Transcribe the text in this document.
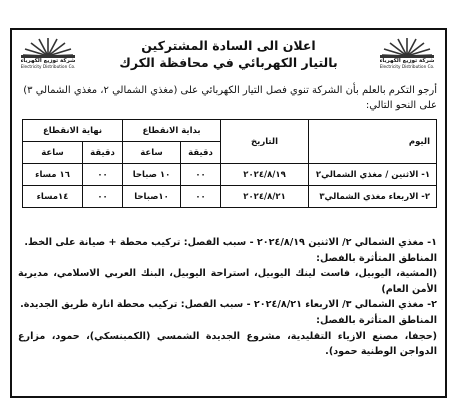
شركة توزيع الكهرباء
Electricity Distribution Co.
شركة توزيع الكهرباء
Electricity Distribution Co.
اعلان الى السادة المشتركين
بالتيار الكهربائي في محافظة الكرك
أرجو التكرم بالعلم بأن الشركة تنوي فصل التيار الكهربائي على (مغذي الشمالي ٢، مغذي الشمالي ٣) على النحو التالي:
اليوم	التاريخ	بداية الانقطاع		نهاية الانقطاع	
		دقيقة	ساعة	دقيقة	ساعة
١- الاثنين / مغذي الشمالي٢	٢٠٢٤/٨/١٩	٠٠	١٠ صباحا	٠٠	١٦ مساء
٢- الاربعاء مغذي الشمالي٣	٢٠٢٤/٨/٢١	٠٠	١٠صباحا	٠٠	١٤مساء

١- مغذي الشمالي ٢/ الاثنين ٢٠٢٤/٨/١٩ - سبب الفصل: تركيب محطة + صيانة على الخط.

المناطق المتأثرة بالفصل:

(المشية، اليوبيل، فاست لينك اليوبيل، استراحة اليوبيل، البنك العربي الاسلامي، مديرية الأمن العام)

٢- مغذي الشمالي ٣/ الاربعاء ٢٠٢٤/٨/٢١ - سبب الفصل: تركيب محطة انارة طريق الجديدة.

المناطق المتأثرة بالفصل:

(حجفا، مصنع الازياء التقليدية، مشروع الجديدة الشمسي (الكمبنسكي)، حمود، مزارع الدواجن الوطنية حمود).
